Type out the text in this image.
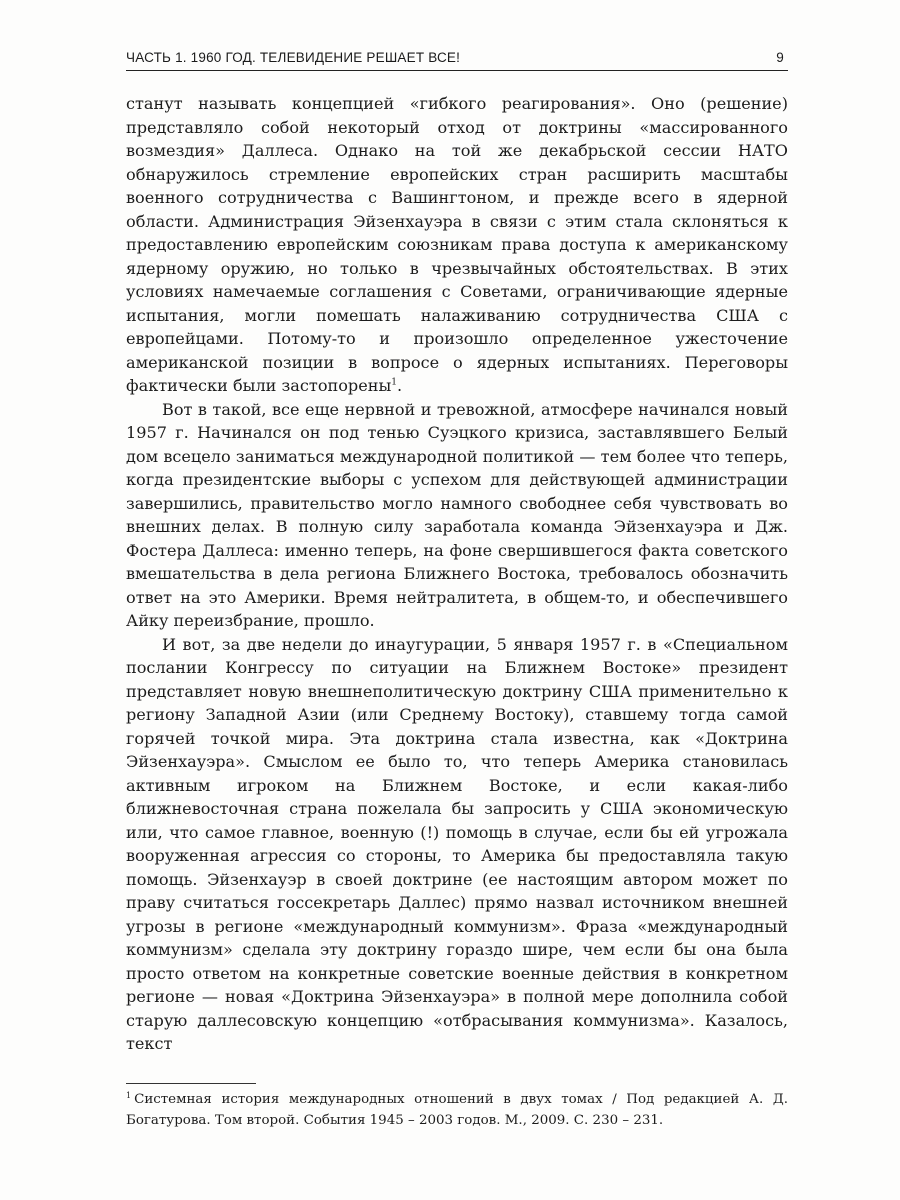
ЧАСТЬ 1. 1960 ГОД. ТЕЛЕВИДЕНИЕ РЕШАЕТ ВСЕ!	9

станут называть концепцией «гибкого реагирования». Оно (решение) представляло собой некоторый отход от доктрины «массированного возмездия» Даллеса. Однако на той же декабрьской сессии НАТО обнаружилось стремление европейских стран расширить масштабы военного сотрудничества с Вашингтоном, и прежде всего в ядерной области. Администрация Эйзенхауэра в связи с этим стала склоняться к предоставлению европейским союзникам права доступа к американскому ядерному оружию, но только в чрезвычайных обстоятельствах. В этих условиях намечаемые соглашения с Советами, ограничивающие ядерные испытания, могли помешать налаживанию сотрудничества США с европейцами. Потому-то и произошло определенное ужесточение американской позиции в вопросе о ядерных испытаниях. Переговоры фактически были застопорены$^1$.

Вот в такой, все еще нервной и тревожной, атмосфере начинался новый 1957 г. Начинался он под тенью Суэцкого кризиса, заставлявшего Белый дом всецело заниматься международной политикой — тем более что теперь, когда президентские выборы с успехом для действующей администрации завершились, правительство могло намного свободнее себя чувствовать во внешних делах. В полную силу заработала команда Эйзенхауэра и Дж. Фостера Даллеса: именно теперь, на фоне свершившегося факта советского вмешательства в дела региона Ближнего Востока, требовалось обозначить ответ на это Америки. Время нейтралитета, в общем-то, и обеспечившего Айку переизбрание, прошло.

И вот, за две недели до инаугурации, 5 января 1957 г. в «Специальном послании Конгрессу по ситуации на Ближнем Востоке» президент представляет новую внешнеполитическую доктрину США применительно к региону Западной Азии (или Среднему Востоку), ставшему тогда самой горячей точкой мира. Эта доктрина стала известна, как «Доктрина Эйзенхауэра». Смыслом ее было то, что теперь Америка становилась активным игроком на Ближнем Востоке, и если какая-либо ближневосточная страна пожелала бы запросить у США экономическую или, что самое главное, военную (!) помощь в случае, если бы ей угрожала вооруженная агрессия со стороны, то Америка бы предоставляла такую помощь. Эйзенхауэр в своей доктрине (ее настоящим автором может по праву считаться госсекретарь Даллес) прямо назвал источником внешней угрозы в регионе «международный коммунизм». Фраза «международный коммунизм» сделала эту доктрину гораздо шире, чем если бы она была просто ответом на конкретные советские военные действия в конкретном регионе — новая «Доктрина Эйзенхауэра» в полной мере дополнила собой старую даллесовскую концепцию «отбрасывания коммунизма». Казалось, текст

$^1$ Системная история международных отношений в двух томах / Под редакцией А. Д. Богатурова. Том второй. События 1945 – 2003 годов. М., 2009. С. 230 – 231.
